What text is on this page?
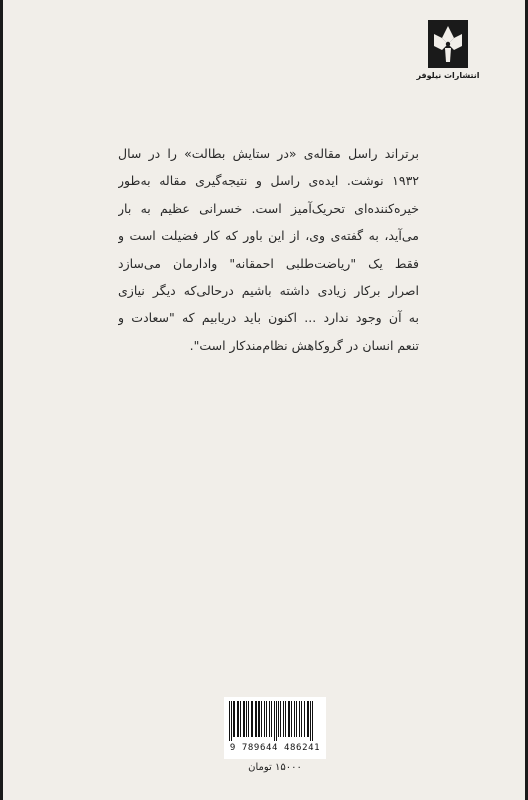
انتشارات نیلوفر
برتراند راسل مقاله‌ی «در ستایش بطالت» را در سال
۱۹۳۲ نوشت. ایده‌ی راسل و نتیجه‌گیری مقاله به‌طور
خیره‌کننده‌ای تحریک‌آمیز است. خسرانی عظیم به بار
می‌آید، به گفته‌ی وی، از این باور که کار فضیلت است و
فقط یک "ریاضت‌طلبی احمقانه" وادارمان می‌سازد
اصرار برکار زیادی داشته باشیم درحالی‌که دیگر نیازی
به آن وجود ندارد ... اکنون باید دریابیم که "سعادت و
تنعم انسان در گروکاهش نظام‌مندکار است".
9 789644 486241
۱۵۰۰۰ تومان
